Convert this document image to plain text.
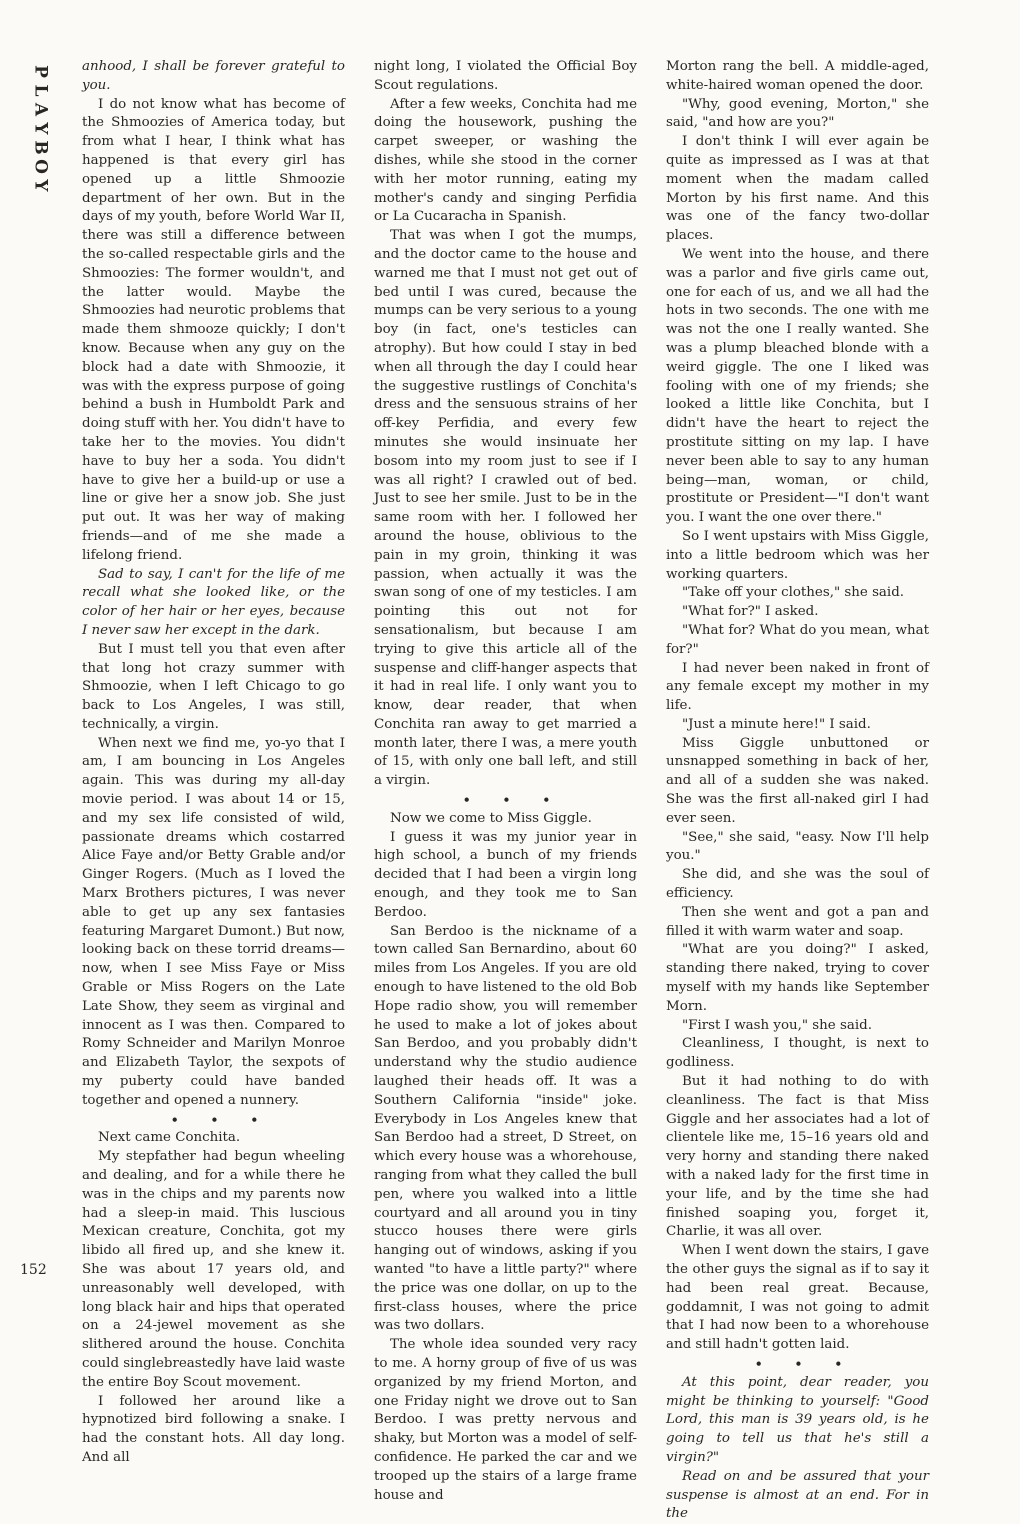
P
L
A
Y
B
O
Y
152

anhood, I shall be forever grateful to you.

I do not know what has become of the Shmoozies of America today, but from what I hear, I think what has happened is that every girl has opened up a little Shmoozie department of her own. But in the days of my youth, before World War II, there was still a difference between the so-called respectable girls and the Shmoozies: The former wouldn't, and the latter would. Maybe the Shmoozies had neurotic problems that made them shmooze quickly; I don't know. Because when any guy on the block had a date with Shmoozie, it was with the express purpose of going behind a bush in Humboldt Park and doing stuff with her. You didn't have to take her to the movies. You didn't have to buy her a soda. You didn't have to give her a build-up or use a line or give her a snow job. She just put out. It was her way of making friends—and of me she made a lifelong friend.

Sad to say, I can't for the life of me recall what she looked like, or the color of her hair or her eyes, because I never saw her except in the dark.

But I must tell you that even after that long hot crazy summer with Shmoozie, when I left Chicago to go back to Los Angeles, I was still, technically, a virgin.

When next we find me, yo-yo that I am, I am bouncing in Los Angeles again. This was during my all-day movie period. I was about 14 or 15, and my sex life consisted of wild, passionate dreams which costarred Alice Faye and/or Betty Grable and/or Ginger Rogers. (Much as I loved the Marx Brothers pictures, I was never able to get up any sex fantasies featuring Margaret Dumont.) But now, looking back on these torrid dreams—now, when I see Miss Faye or Miss Grable or Miss Rogers on the Late Late Show, they seem as virginal and innocent as I was then. Compared to Romy Schneider and Marilyn Monroe and Elizabeth Taylor, the sexpots of my puberty could have banded together and opened a nunnery.

• • •

Next came Conchita.

My stepfather had begun wheeling and dealing, and for a while there he was in the chips and my parents now had a sleep-in maid. This luscious Mexican creature, Conchita, got my libido all fired up, and she knew it. She was about 17 years old, and unreasonably well developed, with long black hair and hips that operated on a 24-jewel movement as she slithered around the house. Conchita could singlebreastedly have laid waste the entire Boy Scout movement.

I followed her around like a hypnotized bird following a snake. I had the constant hots. All day long. And all

night long, I violated the Official Boy Scout regulations.

After a few weeks, Conchita had me doing the housework, pushing the carpet sweeper, or washing the dishes, while she stood in the corner with her motor running, eating my mother's candy and singing Perfidia or La Cucaracha in Spanish.

That was when I got the mumps, and the doctor came to the house and warned me that I must not get out of bed until I was cured, because the mumps can be very serious to a young boy (in fact, one's testicles can atrophy). But how could I stay in bed when all through the day I could hear the suggestive rustlings of Conchita's dress and the sensuous strains of her off-key Perfidia, and every few minutes she would insinuate her bosom into my room just to see if I was all right? I crawled out of bed. Just to see her smile. Just to be in the same room with her. I followed her around the house, oblivious to the pain in my groin, thinking it was passion, when actually it was the swan song of one of my testicles. I am pointing this out not for sensationalism, but because I am trying to give this article all of the suspense and cliff-hanger aspects that it had in real life. I only want you to know, dear reader, that when Conchita ran away to get married a month later, there I was, a mere youth of 15, with only one ball left, and still a virgin.

• • •

Now we come to Miss Giggle.

I guess it was my junior year in high school, a bunch of my friends decided that I had been a virgin long enough, and they took me to San Berdoo.

San Berdoo is the nickname of a town called San Bernardino, about 60 miles from Los Angeles. If you are old enough to have listened to the old Bob Hope radio show, you will remember he used to make a lot of jokes about San Berdoo, and you probably didn't understand why the studio audience laughed their heads off. It was a Southern California "inside" joke. Everybody in Los Angeles knew that San Berdoo had a street, D Street, on which every house was a whorehouse, ranging from what they called the bull pen, where you walked into a little courtyard and all around you in tiny stucco houses there were girls hanging out of windows, asking if you wanted "to have a little party?" where the price was one dollar, on up to the first-class houses, where the price was two dollars.

The whole idea sounded very racy to me. A horny group of five of us was organized by my friend Morton, and one Friday night we drove out to San Berdoo. I was pretty nervous and shaky, but Morton was a model of self-confidence. He parked the car and we trooped up the stairs of a large frame house and

Morton rang the bell. A middle-aged, white-haired woman opened the door.

"Why, good evening, Morton," she said, "and how are you?"

I don't think I will ever again be quite as impressed as I was at that moment when the madam called Morton by his first name. And this was one of the fancy two-dollar places.

We went into the house, and there was a parlor and five girls came out, one for each of us, and we all had the hots in two seconds. The one with me was not the one I really wanted. She was a plump bleached blonde with a weird giggle. The one I liked was fooling with one of my friends; she looked a little like Conchita, but I didn't have the heart to reject the prostitute sitting on my lap. I have never been able to say to any human being—man, woman, or child, prostitute or President—"I don't want you. I want the one over there."

So I went upstairs with Miss Giggle, into a little bedroom which was her working quarters.

"Take off your clothes," she said.

"What for?" I asked.

"What for? What do you mean, what for?"

I had never been naked in front of any female except my mother in my life.

"Just a minute here!" I said.

Miss Giggle unbuttoned or unsnapped something in back of her, and all of a sudden she was naked. She was the first all-naked girl I had ever seen.

"See," she said, "easy. Now I'll help you."

She did, and she was the soul of efficiency.

Then she went and got a pan and filled it with warm water and soap.

"What are you doing?" I asked, standing there naked, trying to cover myself with my hands like September Morn.

"First I wash you," she said.

Cleanliness, I thought, is next to godliness.

But it had nothing to do with cleanliness. The fact is that Miss Giggle and her associates had a lot of clientele like me, 15–16 years old and very horny and standing there naked with a naked lady for the first time in your life, and by the time she had finished soaping you, forget it, Charlie, it was all over.

When I went down the stairs, I gave the other guys the signal as if to say it had been real great. Because, goddamnit, I was not going to admit that I had now been to a whorehouse and still hadn't gotten laid.

• • •

At this point, dear reader, you might be thinking to yourself: "Good Lord, this man is 39 years old, is he going to tell us that he's still a virgin?"

Read on and be assured that your suspense is almost at an end. For in the
